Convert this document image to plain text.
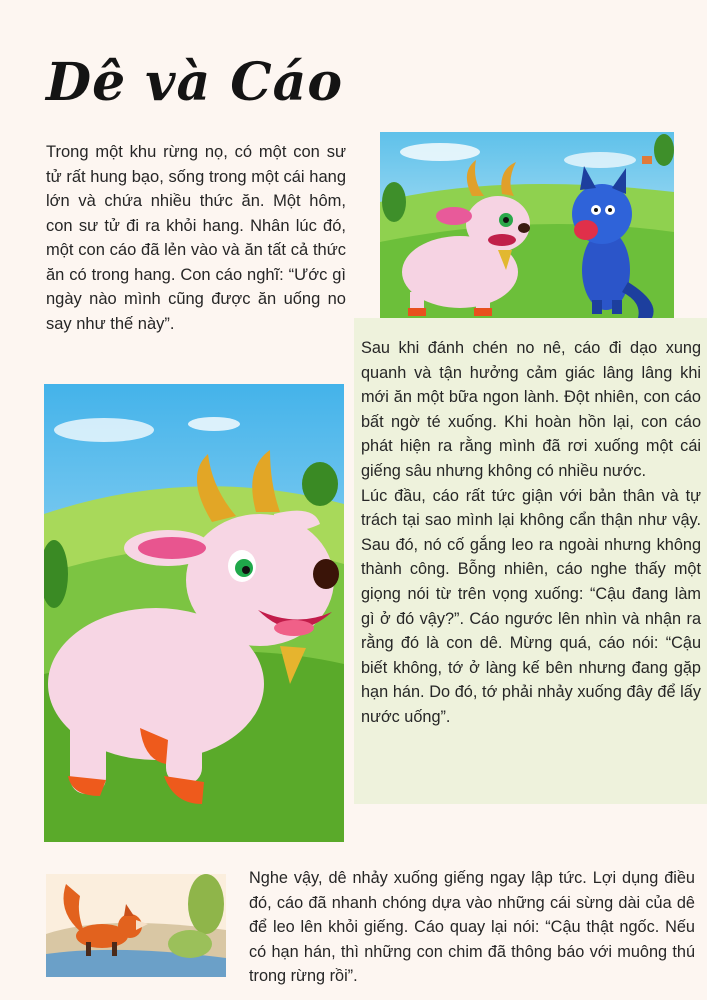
Dê và Cáo

Trong một khu rừng nọ, có một con sư tử rất hung bạo, sống trong một cái hang lớn và chứa nhiều thức ăn. Một hôm, con sư tử đi ra khỏi hang. Nhân lúc đó, một con cáo đã lẻn vào và ăn tất cả thức ăn có trong hang. Con cáo nghĩ: “Ước gì ngày nào mình cũng được ăn uống no say như thế này”.

Sau khi đánh chén no nê, cáo đi dạo xung quanh và tận hưởng cảm giác lâng lâng khi mới ăn một bữa ngon lành. Đột nhiên, con cáo bất ngờ té xuống. Khi hoàn hồn lại, con cáo phát hiện ra rằng mình đã rơi xuống một cái giếng sâu nhưng không có nhiều nước.
Lúc đầu, cáo rất tức giận với bản thân và tự trách tại sao mình lại không cẩn thận như vậy. Sau đó, nó cố gắng leo ra ngoài nhưng không thành công. Bỗng nhiên, cáo nghe thấy một giọng nói từ trên vọng xuống: “Cậu đang làm gì ở đó vậy?”. Cáo ngước lên nhìn và nhận ra rằng đó là con dê. Mừng quá, cáo nói: “Cậu biết không, tớ ở làng kế bên nhưng đang gặp hạn hán. Do đó, tớ phải nhảy xuống đây để lấy nước uống”.

Nghe vậy, dê nhảy xuống giếng ngay lập tức. Lợi dụng điều đó, cáo đã nhanh chóng dựa vào những cái sừng dài của dê để leo lên khỏi giếng. Cáo quay lại nói: “Cậu thật ngốc. Nếu có hạn hán, thì những con chim đã thông báo với muông thú trong rừng rồi”.
